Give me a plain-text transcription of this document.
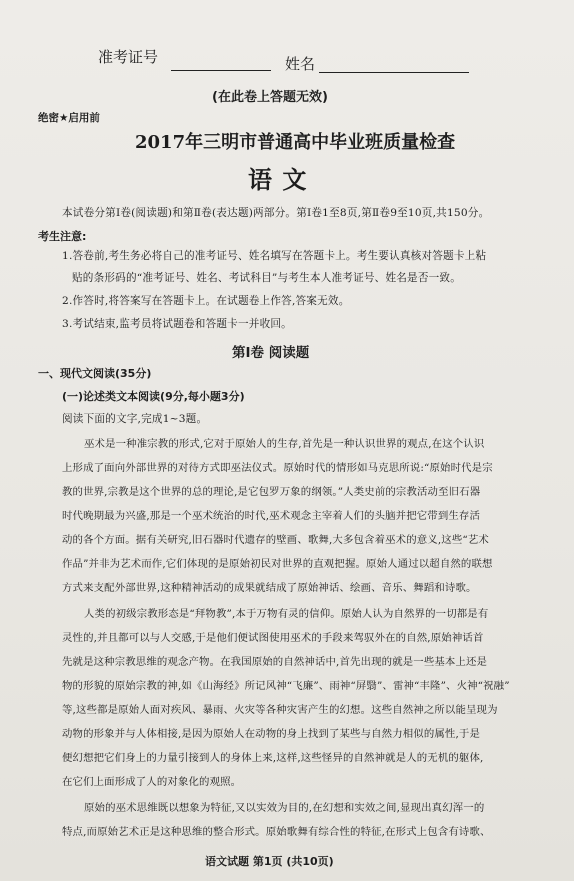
准考证号	姓名
(在此卷上答题无效)
绝密★启用前
2017年三明市普通高中毕业班质量检查
语 文
本试卷分第Ⅰ卷(阅读题)和第Ⅱ卷(表达题)两部分。第Ⅰ卷1至8页,第Ⅱ卷9至10页,共150分。
考生注意:
1.答卷前,考生务必将自己的准考证号、姓名填写在答题卡上。考生要认真核对答题卡上粘
贴的条形码的“准考证号、姓名、考试科目”与考生本人准考证号、姓名是否一致。
2.作答时,将答案写在答题卡上。在试题卷上作答,答案无效。
3.考试结束,监考员将试题卷和答题卡一并收回。
第Ⅰ卷 阅读题
一、现代文阅读(35分)
(一)论述类文本阅读(9分,每小题3分)
阅读下面的文字,完成1~3题。
巫术是一种准宗教的形式,它对于原始人的生存,首先是一种认识世界的观点,在这个认识
上形成了面向外部世界的对待方式即巫法仪式。原始时代的情形如马克思所说:“原始时代是宗
教的世界,宗教是这个世界的总的理论,是它包罗万象的纲领。”人类史前的宗教活动至旧石器
时代晚期最为兴盛,那是一个巫术统治的时代,巫术观念主宰着人们的头脑并把它带到生存活
动的各个方面。据有关研究,旧石器时代遗存的壁画、歌舞,大多包含着巫术的意义,这些“艺术
作品”并非为艺术而作,它们体现的是原始初民对世界的直观把握。原始人通过以超自然的联想
方式来支配外部世界,这种精神活动的成果就结成了原始神话、绘画、音乐、舞蹈和诗歌。
人类的初级宗教形态是“拜物教”,本于万物有灵的信仰。原始人认为自然界的一切都是有
灵性的,并且都可以与人交感,于是他们便试图使用巫术的手段来驾驭外在的自然,原始神话首
先就是这种宗教思维的观念产物。在我国原始的自然神话中,首先出现的就是一些基本上还是
物的形貌的原始宗教的神,如《山海经》所记风神“飞廉”、雨神“屏翳”、雷神“丰隆”、火神“祝融”
等,这些都是原始人面对疾风、暴雨、火灾等各种灾害产生的幻想。这些自然神之所以能呈现为
动物的形象并与人体相接,是因为原始人在动物的身上找到了某些与自然力相似的属性,于是
便幻想把它们身上的力量引接到人的身体上来,这样,这些怪异的自然神就是人的无机的躯体,
在它们上面形成了人的对象化的观照。
原始的巫术思维既以想象为特征,又以实效为目的,在幻想和实效之间,显现出真幻浑一的
特点,而原始艺术正是这种思维的整合形式。原始歌舞有综合性的特征,在形式上包含有诗歌、
语文试题 第1页 (共10页)
